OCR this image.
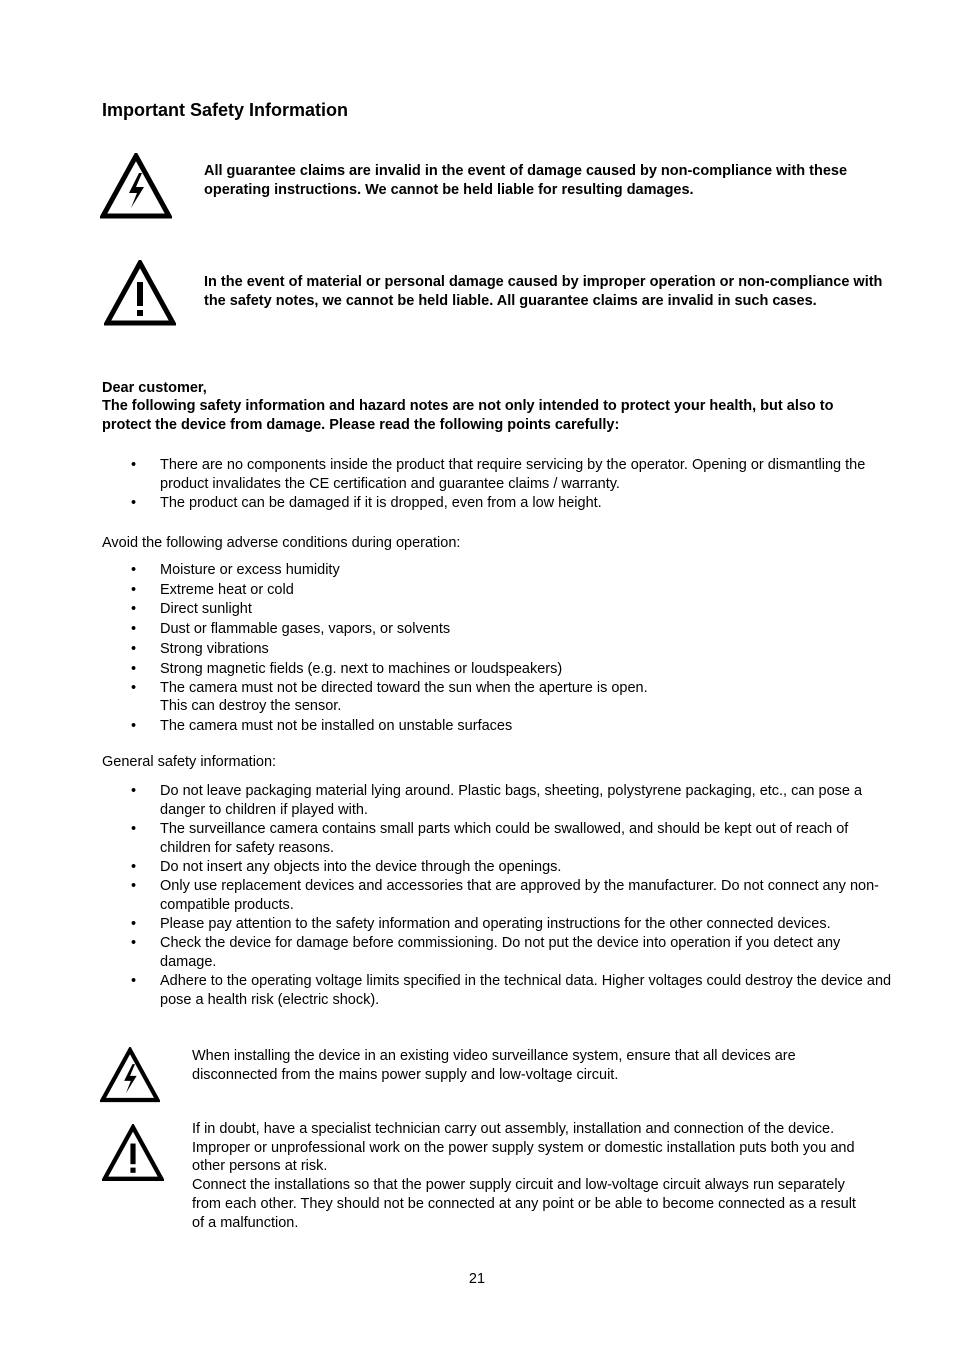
Important Safety Information
All guarantee claims are invalid in the event of damage caused by non-compliance with these operating instructions. We cannot be held liable for resulting damages.
In the event of material or personal damage caused by improper operation or non-compliance with the safety notes, we cannot be held liable. All guarantee claims are invalid in such cases.
Dear customer,
The following safety information and hazard notes are not only intended to protect your health, but also to protect the device from damage. Please read the following points carefully:
• There are no components inside the product that require servicing by the operator. Opening or dismantling the product invalidates the CE certification and guarantee claims / warranty.
• The product can be damaged if it is dropped, even from a low height.
Avoid the following adverse conditions during operation:
• Moisture or excess humidity
• Extreme heat or cold
• Direct sunlight
• Dust or flammable gases, vapors, or solvents
• Strong vibrations
• Strong magnetic fields (e.g. next to machines or loudspeakers)
• The camera must not be directed toward the sun when the aperture is open.
This can destroy the sensor.
• The camera must not be installed on unstable surfaces
General safety information:
• Do not leave packaging material lying around. Plastic bags, sheeting, polystyrene packaging, etc., can pose a danger to children if played with.
• The surveillance camera contains small parts which could be swallowed, and should be kept out of reach of children for safety reasons.
• Do not insert any objects into the device through the openings.
• Only use replacement devices and accessories that are approved by the manufacturer. Do not connect any non-compatible products.
• Please pay attention to the safety information and operating instructions for the other connected devices.
• Check the device for damage before commissioning. Do not put the device into operation if you detect any damage.
• Adhere to the operating voltage limits specified in the technical data. Higher voltages could destroy the device and pose a health risk (electric shock).
When installing the device in an existing video surveillance system, ensure that all devices are disconnected from the mains power supply and low-voltage circuit.
If in doubt, have a specialist technician carry out assembly, installation and connection of the device. Improper or unprofessional work on the power supply system or domestic installation puts both you and other persons at risk.
Connect the installations so that the power supply circuit and low-voltage circuit always run separately from each other. They should not be connected at any point or be able to become connected as a result of a malfunction.
21
